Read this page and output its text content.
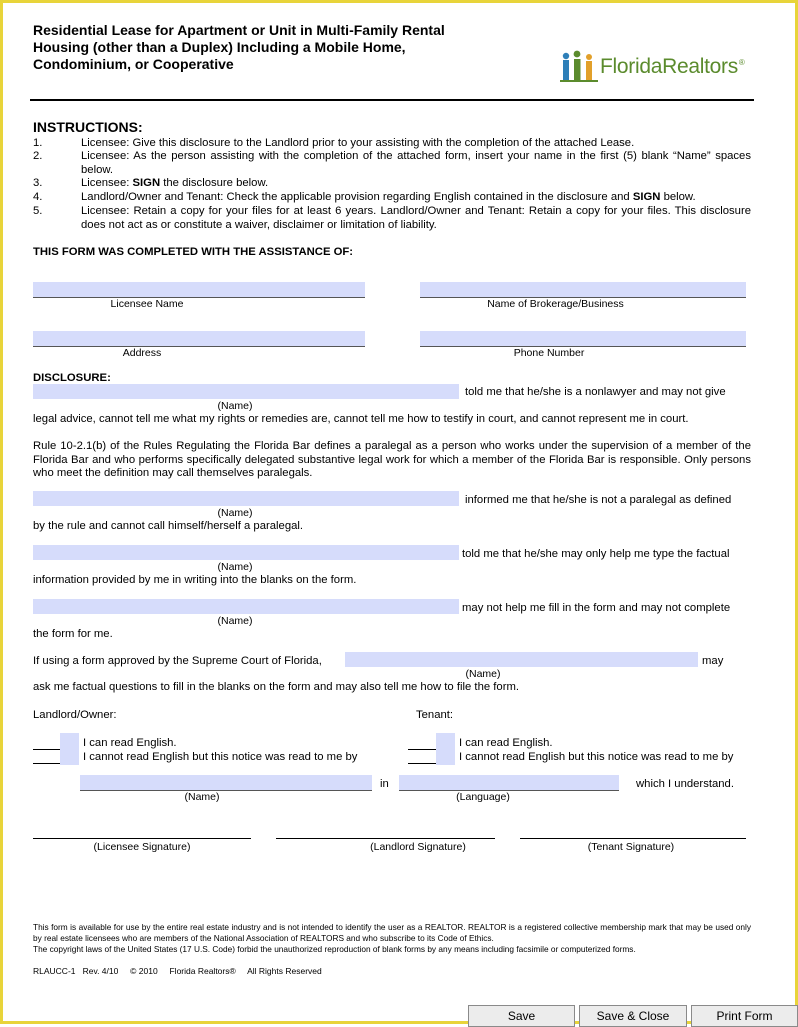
Residential Lease for Apartment or Unit in Multi-Family Rental Housing (other than a Duplex) Including a Mobile Home, Condominium, or Cooperative	FloridaRealtors ®
INSTRUCTIONS:
1.	Licensee: Give this disclosure to the Landlord prior to your assisting with the completion of the attached Lease.
2.	Licensee: As the person assisting with the completion of the attached form, insert your name in the first (5) blank “Name” spaces below.
3.	Licensee: SIGN the disclosure below.
4.	Landlord/Owner and Tenant: Check the applicable provision regarding English contained in the disclosure and SIGN below.
5.	Licensee: Retain a copy for your files for at least 6 years. Landlord/Owner and Tenant: Retain a copy for your files. This disclosure does not act as or constitute a waiver, disclaimer or limitation of liability.
THIS FORM WAS COMPLETED WITH THE ASSISTANCE OF:
Licensee Name	Name of Brokerage/Business
Address	Phone Number
DISCLOSURE:
told me that he/she is a nonlawyer and may not give
(Name)
legal advice, cannot tell me what my rights or remedies are, cannot tell me how to testify in court, and cannot represent me in court.
Rule 10-2.1(b) of the Rules Regulating the Florida Bar defines a paralegal as a person who works under the supervision of a member of the Florida Bar and who performs specifically delegated substantive legal work for which a member of the Florida Bar is responsible. Only persons who meet the definition may call themselves paralegals.
informed me that he/she is not a paralegal as defined
(Name)
by the rule and cannot call himself/herself a paralegal.
told me that he/she may only help me type the factual
(Name)
information provided by me in writing into the blanks on the form.
may not help me fill in the form and may not complete
(Name)
the form for me.
If using a form approved by the Supreme Court of Florida,	may
(Name)
ask me factual questions to fill in the blanks on the form and may also tell me how to file the form.
Landlord/Owner:	Tenant:
I can read English.
I cannot read English but this notice was read to me by
I can read English.
I cannot read English but this notice was read to me by
in	which I understand.
(Name)	(Language)
(Licensee Signature)	(Landlord Signature)	(Tenant Signature)
This form is available for use by the entire real estate industry and is not intended to identify the user as a REALTOR. REALTOR is a registered collective membership mark that may be used only by real estate licensees who are members of the National Association of REALTORS and who subscribe to its Code of Ethics.
The copyright laws of the United States (17 U.S. Code) forbid the unauthorized reproduction of blank forms by any means including facsimile or computerized forms.
RLAUCC-1   Rev. 4/10     © 2010     Florida Realtors®     All Rights Reserved
Save	Save & Close	Print Form
